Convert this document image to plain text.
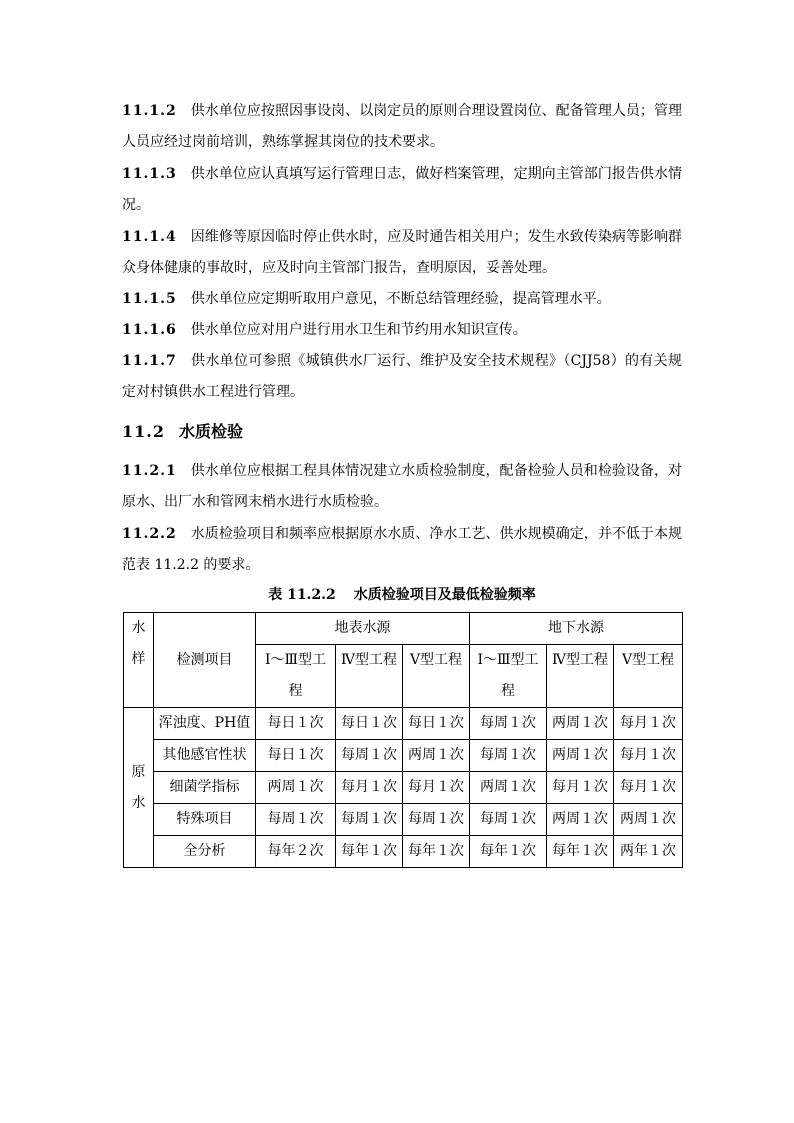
11.1.2 供水单位应按照因事设岗、以岗定员的原则合理设置岗位、配备管理人员；管理人员应经过岗前培训，熟练掌握其岗位的技术要求。

11.1.3 供水单位应认真填写运行管理日志，做好档案管理，定期向主管部门报告供水情况。

11.1.4 因维修等原因临时停止供水时，应及时通告相关用户；发生水致传染病等影响群众身体健康的事故时，应及时向主管部门报告，查明原因，妥善处理。

11.1.5 供水单位应定期听取用户意见，不断总结管理经验，提高管理水平。

11.1.6 供水单位应对用户进行用水卫生和节约用水知识宣传。

11.1.7 供水单位可参照《城镇供水厂运行、维护及安全技术规程》（CJJ58）的有关规定对村镇供水工程进行管理。

11.2 水质检验

11.2.1 供水单位应根据工程具体情况建立水质检验制度，配备检验人员和检验设备，对原水、出厂水和管网末梢水进行水质检验。

11.2.2 水质检验项目和频率应根据原水水质、净水工艺、供水规模确定，并不低于本规范表 11.2.2 的要求。

表 11.2.2 水质检验项目及最低检验频率

水样	检测项目	地表水源			地下水源		
		Ⅰ～Ⅲ型工程	Ⅳ型工程	Ⅴ型工程	Ⅰ～Ⅲ型工程	Ⅳ型工程	Ⅴ型工程
原水	浑浊度、PH值	每日１次	每日１次	每日１次	每周１次	两周１次	每月１次
	其他感官性状	每日１次	每周１次	两周１次	每周１次	两周１次	每月１次
	细菌学指标	两周１次	每月１次	每月１次	两周１次	每月１次	每月１次
	特殊项目	每周１次	每周１次	每周１次	每周１次	两周１次	两周１次
	全分析	每年２次	每年１次	每年１次	每年１次	每年１次	两年１次
